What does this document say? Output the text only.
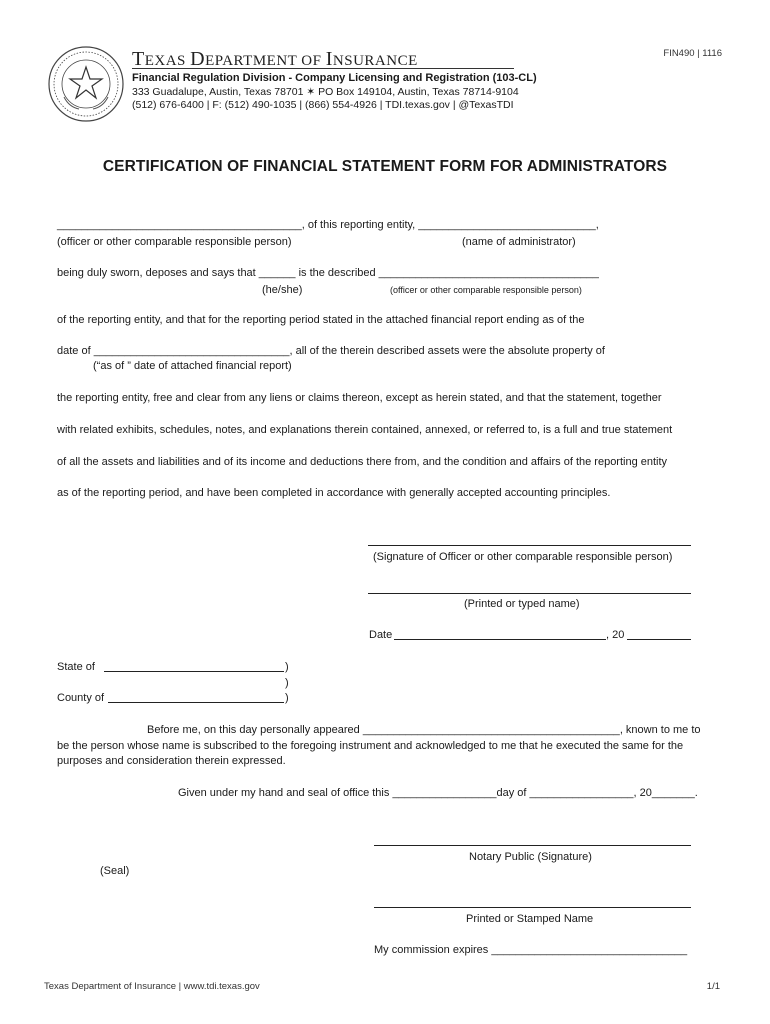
TEXAS DEPARTMENT OF INSURANCE
Financial Regulation Division - Company Licensing and Registration (103-CL)
333 Guadalupe, Austin, Texas 78701 ✶ PO Box 149104, Austin, Texas 78714-9104
(512) 676-6400 | F: (512) 490-1035 | (866) 554-4926 | TDI.texas.gov | @TexasTDI
FIN490 | 1116
CERTIFICATION OF FINANCIAL STATEMENT FORM FOR ADMINISTRATORS
________________________________________, of this reporting entity, _____________________________,
(officer or other comparable responsible person)	(name of administrator)
being duly sworn, deposes and says that ______ is the described ____________________________________
(he/she)	(officer or other comparable responsible person)
of the reporting entity, and that for the reporting period stated in the attached financial report ending as of the
date of ________________________________, all of the therein described assets were the absolute property of
(“as of ” date of attached financial report)
the reporting entity, free and clear from any liens or claims thereon, except as herein stated, and that the statement, together
with related exhibits, schedules, notes, and explanations therein contained, annexed, or referred to, is a full and true statement
of all the assets and liabilities and of its income and deductions there from, and the condition and affairs of the reporting entity
as of the reporting period, and have been completed in accordance with generally accepted accounting principles.
(Signature of Officer or other comparable responsible person)
(Printed or typed name)
Date	, 20
State of	)
)
County of	)
Before me, on this day personally appeared __________________________________________, known to me to
be the person whose name is subscribed to the foregoing instrument and acknowledged to me that he executed the same for the
purposes and consideration therein expressed.
Given under my hand and seal of office this _________________day of _________________, 20_______.
Notary Public (Signature)
(Seal)
Printed or Stamped Name
My commission expires ________________________________
Texas Department of Insurance | www.tdi.texas.gov	1/1
